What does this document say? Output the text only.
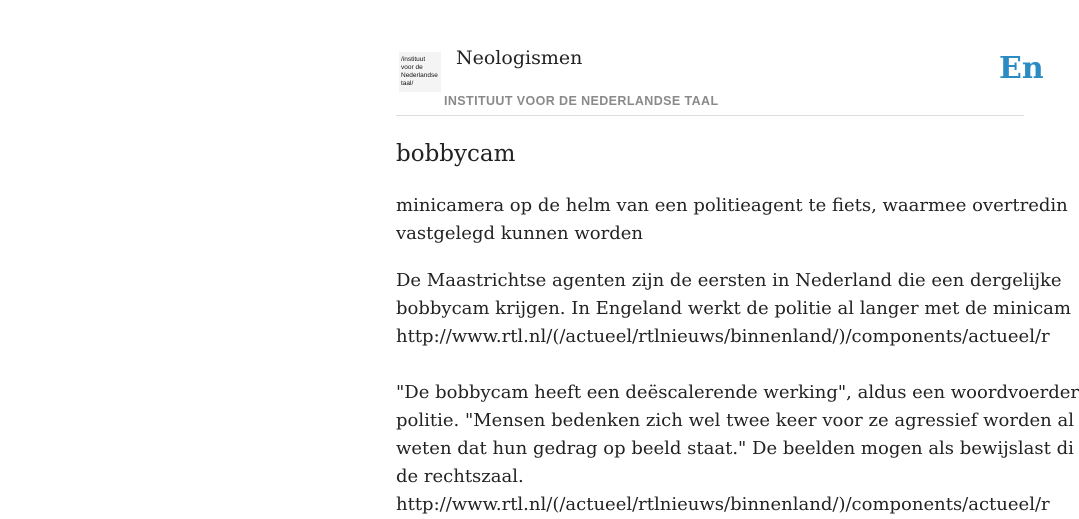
/instituut
voor de
Nederlandse
taal/
Neologismen
INSTITUUT VOOR DE NEDERLANDSE TAAL
En
bobbycam
minicamera op de helm van een politieagent te fiets, waarmee overtredin
vastgelegd kunnen worden
De Maastrichtse agenten zijn de eersten in Nederland die een dergelijke
bobbycam krijgen. In Engeland werkt de politie al langer met de minicam
http://www.rtl.nl/(/actueel/rtlnieuws/binnenland/)/components/actueel/r
"De bobbycam heeft een deëscalerende werking", aldus een woordvoerder
politie. "Mensen bedenken zich wel twee keer voor ze agressief worden al
weten dat hun gedrag op beeld staat." De beelden mogen als bewijslast di
de rechtszaal.
http://www.rtl.nl/(/actueel/rtlnieuws/binnenland/)/components/actueel/r
